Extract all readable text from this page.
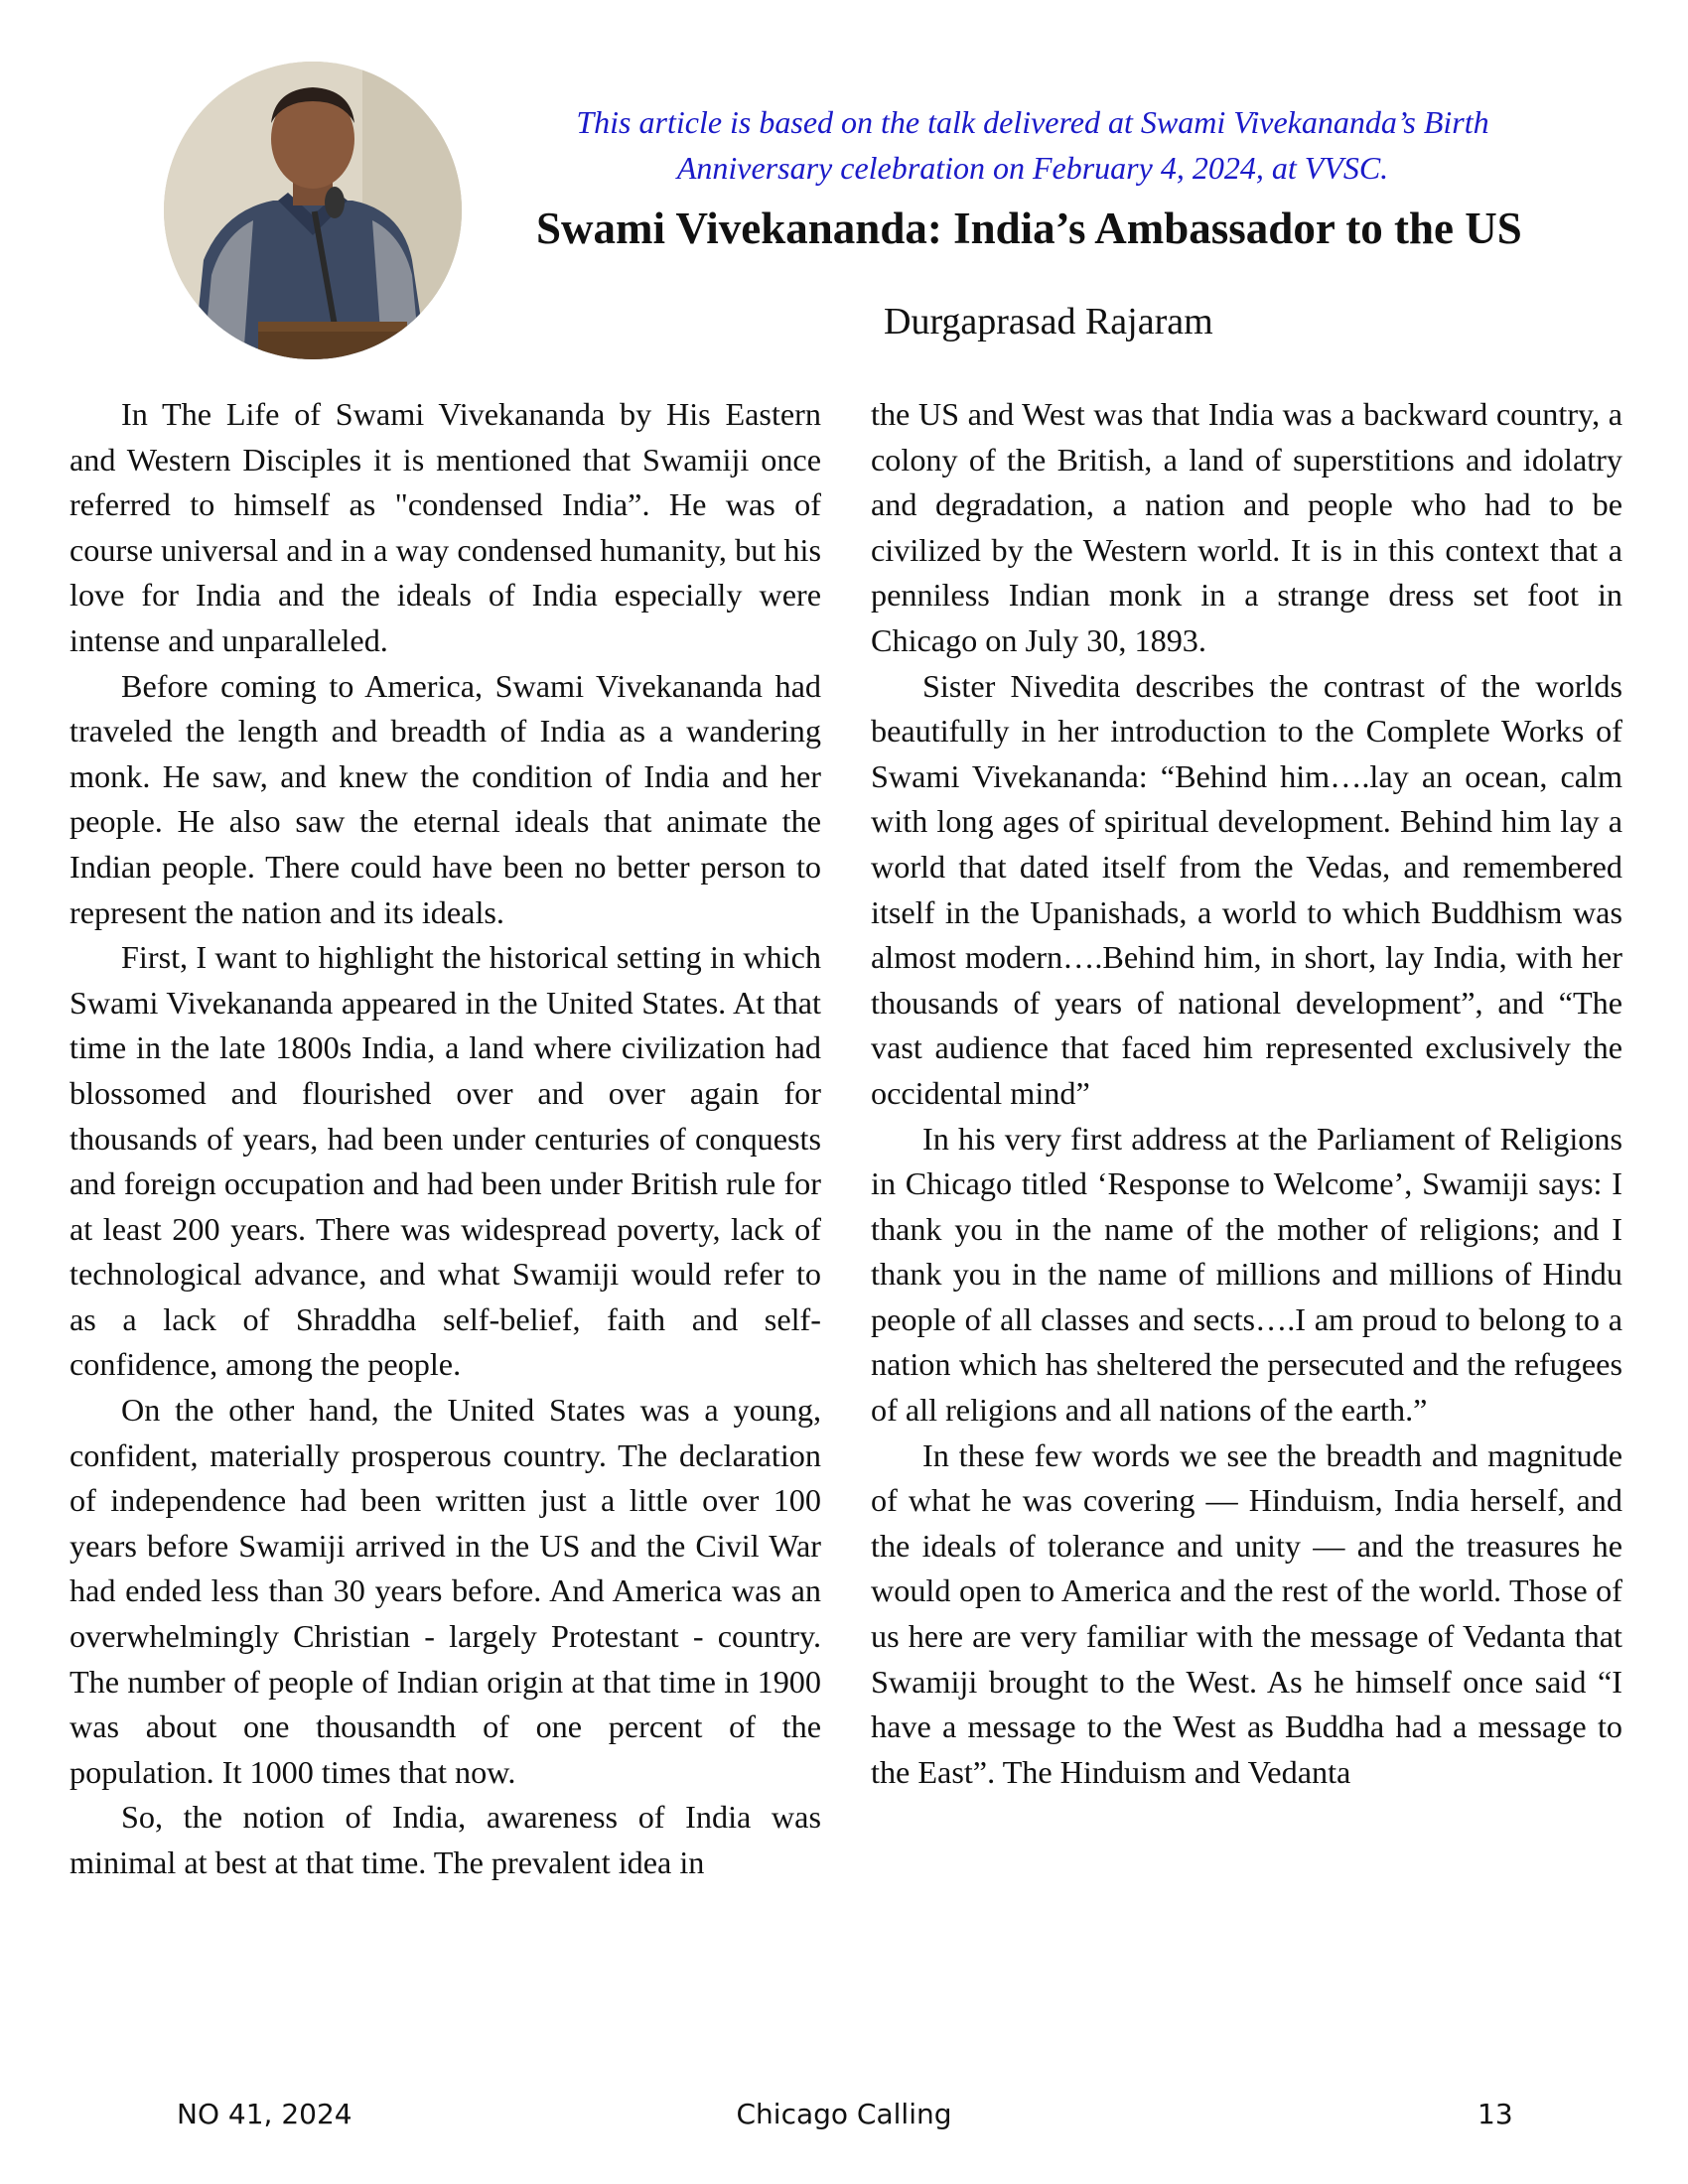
This article is based on the talk delivered at Swami Vivekananda’s Birth
Anniversary celebration on February 4, 2024, at VVSC.
Swami Vivekananda: India’s Ambassador to the US
Durgaprasad Rajaram

In The Life of Swami Vivekananda by His Eastern and Western Disciples it is mentioned that Swamiji once referred to himself as "condensed India”. He was of course universal and in a way condensed humanity, but his love for India and the ideals of India especially were intense and unparalleled.

Before coming to America, Swami Vivekananda had traveled the length and breadth of India as a wandering monk. He saw, and knew the condition of India and her people. He also saw the eternal ideals that animate the Indian people. There could have been no better person to represent the nation and its ideals.

First, I want to highlight the historical setting in which Swami Vivekananda appeared in the United States. At that time in the late 1800s India, a land where civilization had blossomed and flourished over and over again for thousands of years, had been under centuries of conquests and foreign occupation and had been under British rule for at least 200 years. There was widespread poverty, lack of technological advance, and what Swamiji would refer to as a lack of Shraddha self-belief, faith and self-confidence, among the people.

On the other hand, the United States was a young, confident, materially prosperous country. The declaration of independence had been written just a little over 100 years before Swamiji arrived in the US and the Civil War had ended less than 30 years before. And America was an overwhelmingly Christian - largely Protestant - country. The number of people of Indian origin at that time in 1900 was about one thousandth of one percent of the population. It 1000 times that now.

So, the notion of India, awareness of India was minimal at best at that time. The prevalent idea in

the US and West was that India was a backward country, a colony of the British, a land of superstitions and idolatry and degradation, a nation and people who had to be civilized by the Western world. It is in this context that a penniless Indian monk in a strange dress set foot in Chicago on July 30, 1893.

Sister Nivedita describes the contrast of the worlds beautifully in her introduction to the Complete Works of Swami Vivekananda: “Behind him….lay an ocean, calm with long ages of spiritual development. Behind him lay a world that dated itself from the Vedas, and remembered itself in the Upanishads, a world to which Buddhism was almost modern….Behind him, in short, lay India, with her thousands of years of national development”, and “The vast audience that faced him represented exclusively the occidental mind”

In his very first address at the Parliament of Religions in Chicago titled ‘Response to Welcome’, Swamiji says: I thank you in the name of the mother of religions; and I thank you in the name of millions and millions of Hindu people of all classes and sects….I am proud to belong to a nation which has sheltered the persecuted and the refugees of all religions and all nations of the earth.”

In these few words we see the breadth and magnitude of what he was covering — Hinduism, India herself, and the ideals of tolerance and unity — and the treasures he would open to America and the rest of the world. Those of us here are very familiar with the message of Vedanta that Swamiji brought to the West. As he himself once said “I have a message to the West as Buddha had a message to the East”. The Hinduism and Vedanta

NO 41, 2024	Chicago Calling	13
